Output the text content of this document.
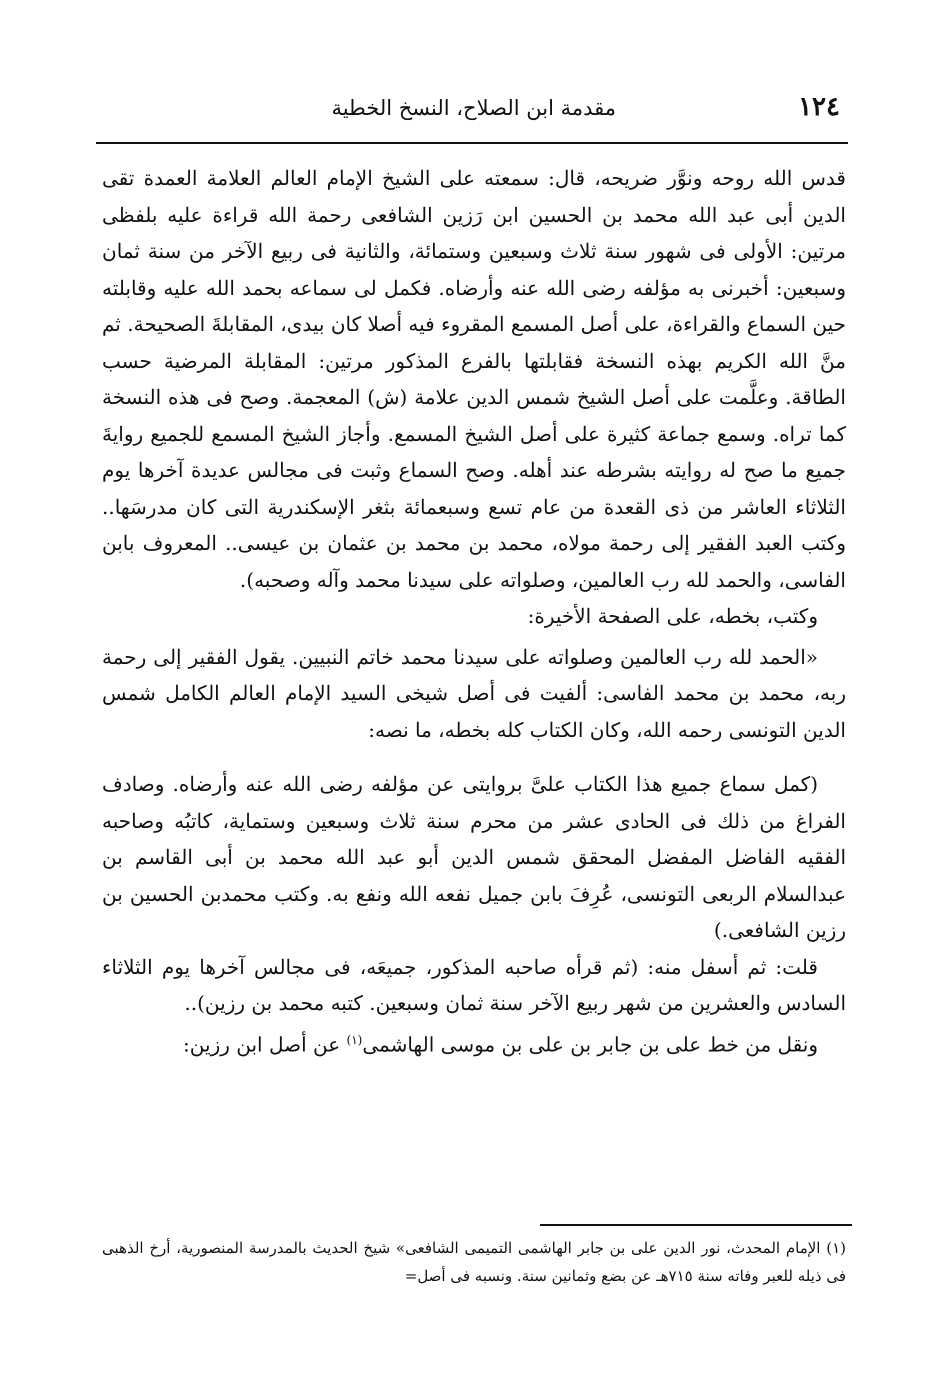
١٢٤
مقدمة ابن الصلاح، النسخ الخطية

قدس الله روحه ونوَّر ضريحه، قال: سمعته على الشيخ الإمام العالم العلامة العمدة تقى الدين أبى عبد الله محمد بن الحسين ابن رَزين الشافعى رحمة الله قراءة عليه بلفظى مرتين: الأولى فى شهور سنة ثلاث وسبعين وستمائة، والثانية فى ربيع الآخر من سنة ثمان وسبعين: أخبرنى به مؤلفه رضى الله عنه وأرضاه. فكمل لى سماعه بحمد الله عليه وقابلته حين السماع والقراءة، على أصل المسمع المقروء فيه أصلا كان بيدى، المقابلةَ الصحيحة. ثم منَّ الله الكريم بهذه النسخة فقابلتها بالفرع المذكور مرتين: المقابلة المرضية حسب الطاقة. وعلَّمت على أصل الشيخ شمس الدين علامة (ش) المعجمة. وصح فى هذه النسخة كما تراه. وسمع جماعة كثيرة على أصل الشيخ المسمع. وأجاز الشيخ المسمع للجميع روايةَ جميع ما صح له روايته بشرطه عند أهله. وصح السماع وثبت فى مجالس عديدة آخرها يوم الثلاثاء العاشر من ذى القعدة من عام تسع وسبعمائة بثغر الإسكندرية التى كان مدرسَها.. وكتب العبد الفقير إلى رحمة مولاه، محمد بن محمد بن عثمان بن عيسى.. المعروف بابن الفاسى، والحمد لله رب العالمين، وصلواته على سيدنا محمد وآله وصحبه).

وكتب، بخطه، على الصفحة الأخيرة:

«الحمد لله رب العالمين وصلواته على سيدنا محمد خاتم النبيين. يقول الفقير إلى رحمة ربه، محمد بن محمد الفاسى: ألفيت فى أصل شيخى السيد الإمام العالم الكامل شمس الدين التونسى رحمه الله، وكان الكتاب كله بخطه، ما نصه:

(كمل سماع جميع هذا الكتاب علىَّ بروايتى عن مؤلفه رضى الله عنه وأرضاه. وصادف الفراغ من ذلك فى الحادى عشر من محرم سنة ثلاث وسبعين وستماية، كاتبُه وصاحبه الفقيه الفاضل المفضل المحقق شمس الدين أبو عبد الله محمد بن أبى القاسم بن عبدالسلام الربعى التونسى، عُرِفَ بابن جميل نفعه الله ونفع به. وكتب محمدبن الحسين بن رزين الشافعى.)

قلت: ثم أسفل منه: (ثم قرأه صاحبه المذكور، جميعَه، فى مجالس آخرها يوم الثلاثاء السادس والعشرين من شهر ربيع الآخر سنة ثمان وسبعين. كتبه محمد بن رزين)..

ونقل من خط على بن جابر بن على بن موسى الهاشمى$^{(١)}$ عن أصل ابن رزين:

(١) الإمام المحدث، نور الدين على بن جابر الهاشمى التميمى الشافعى» شيخ الحديث بالمدرسة المنصورية، أرخ الذهبى فى ذيله للعبر وفاته سنة ٧١٥هـ عن بضع وثمانين سنة. ونسبه فى أصل=
